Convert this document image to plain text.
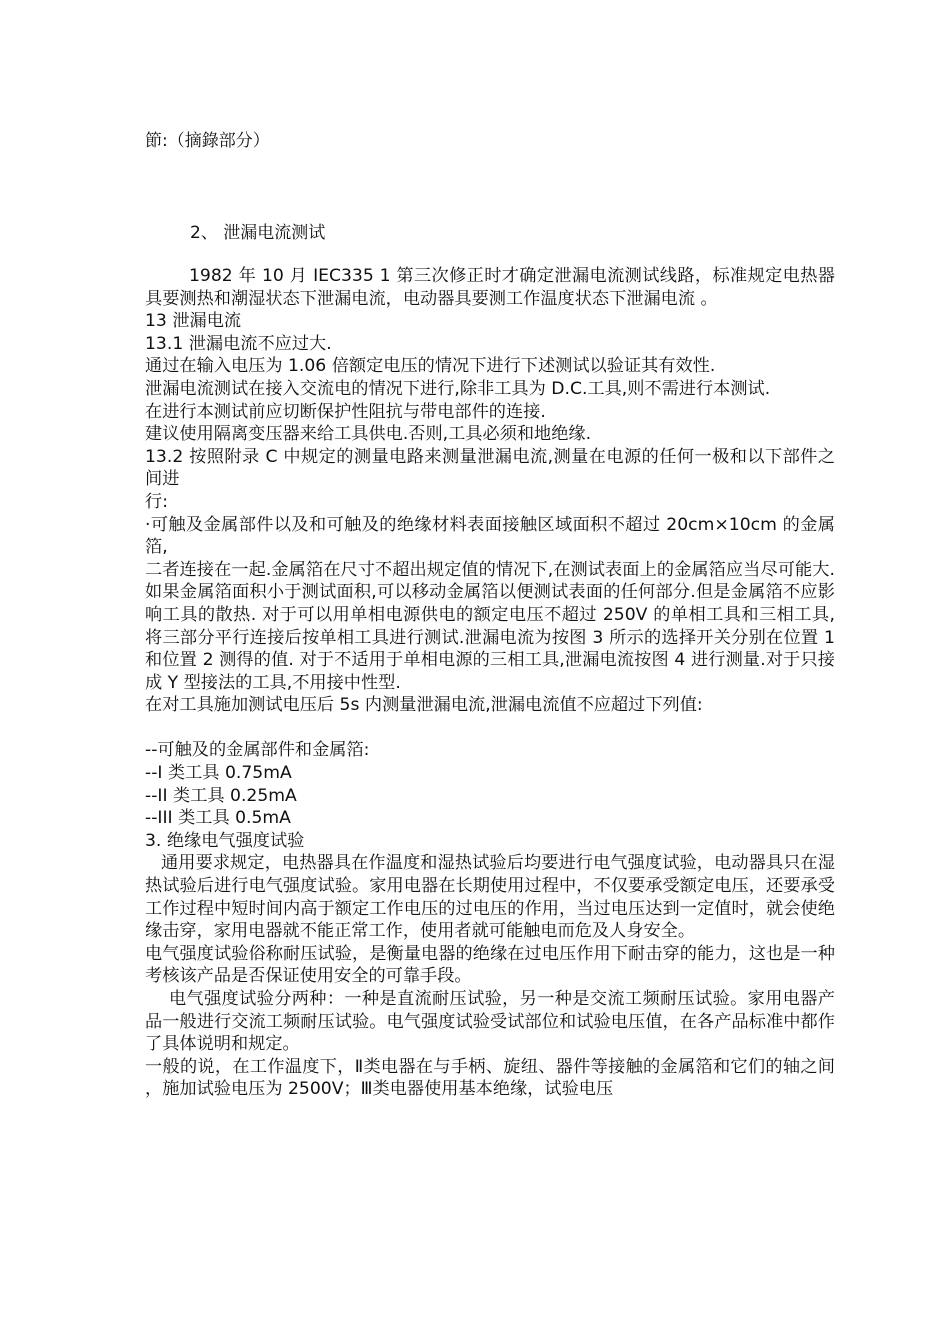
節:（摘錄部分）
2、 泄漏电流测试

1982 年 10 月 IEC335 1 第三次修正时才确定泄漏电流测试线路，标准规定电热器具要测热和潮湿状态下泄漏电流，电动器具要测工作温度状态下泄漏电流 。

13 泄漏电流

13.1 泄漏电流不应过大.

通过在输入电压为 1.06 倍额定电压的情况下进行下述测试以验证其有效性.

泄漏电流测试在接入交流电的情况下进行,除非工具为 D.C.工具,则不需进行本测试.

在进行本测试前应切断保护性阻抗与带电部件的连接.

建议使用隔离变压器来给工具供电.否则,工具必须和地绝缘.

13.2 按照附录 C 中规定的测量电路来测量泄漏电流,测量在电源的任何一极和以下部件之间进

行:

·可触及金属部件以及和可触及的绝缘材料表面接触区域面积不超过 20cm×10cm 的金属箔,

二者连接在一起.金属箔在尺寸不超出规定值的情况下,在测试表面上的金属箔应当尽可能大.如果金属箔面积小于测试面积,可以移动金属箔以便测试表面的任何部分.但是金属箔不应影响工具的散热. 对于可以用单相电源供电的额定电压不超过 250V 的单相工具和三相工具,将三部分平行连接后按单相工具进行测试.泄漏电流为按图 3 所示的选择开关分别在位置 1 和位置 2 测得的值. 对于不适用于单相电源的三相工具,泄漏电流按图 4 进行测量.对于只接成 Y 型接法的工具,不用接中性型.

在对工具施加测试电压后 5s 内测量泄漏电流,泄漏电流值不应超过下列值:

--可触及的金属部件和金属箔:

--I 类工具 0.75mA

--II 类工具 0.25mA

--III 类工具 0.5mA

3. 绝缘电气强度试验

通用要求规定，电热器具在作温度和湿热试验后均要进行电气强度试验，电动器具只在湿热试验后进行电气强度试验。家用电器在长期使用过程中，不仅要承受额定电压，还要承受工作过程中短时间内高于额定工作电压的过电压的作用，当过电压达到一定值时，就会使绝缘击穿，家用电器就不能正常工作，使用者就可能触电而危及人身安全。

电气强度试验俗称耐压试验，是衡量电器的绝缘在过电压作用下耐击穿的能力，这也是一种考核该产品是否保证使用安全的可靠手段。

电气强度试验分两种：一种是直流耐压试验，另一种是交流工频耐压试验。家用电器产品一般进行交流工频耐压试验。电气强度试验受试部位和试验电压值，在各产品标准中都作了具体说明和规定。

一般的说，在工作温度下，Ⅱ类电器在与手柄、旋纽、器件等接触的金属箔和它们的轴之间 ，施加试验电压为 2500V；Ⅲ类电器使用基本绝缘，试验电压
